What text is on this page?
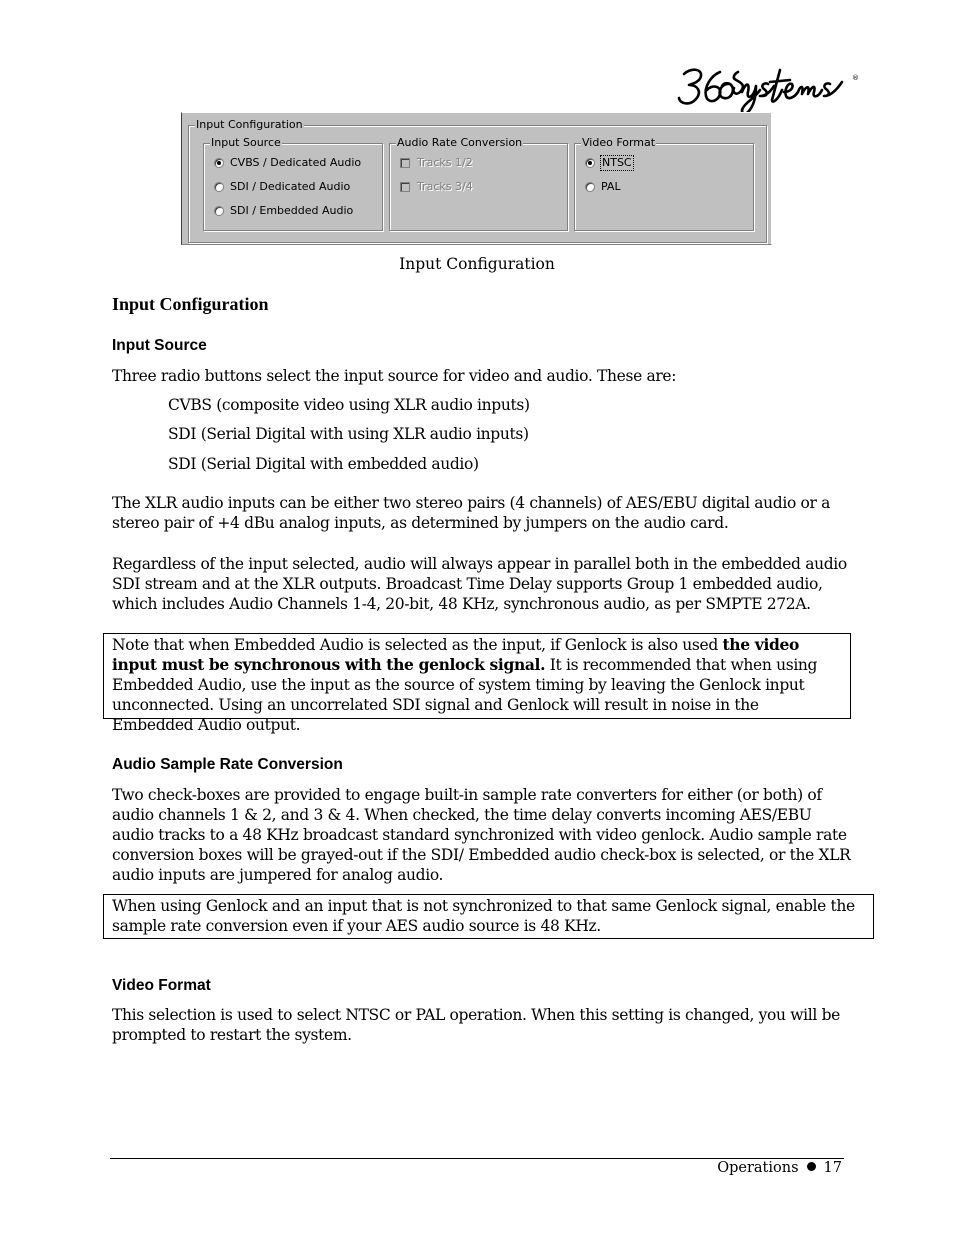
®
Input Configuration
Input Source
CVBS / Dedicated Audio
SDI / Dedicated Audio
SDI / Embedded Audio
Audio Rate Conversion
Tracks 1/2
Tracks 3/4
Video Format
NTSC
PAL
Input Configuration
Input Configuration
Input Source

Three radio buttons select the input source for video and audio. These are:

CVBS (composite video using XLR audio inputs)

SDI (Serial Digital with using XLR audio inputs)

SDI (Serial Digital with embedded audio)

The XLR audio inputs can be either two stereo pairs (4 channels) of AES/EBU digital audio or a stereo pair of +4 dBu analog inputs, as determined by jumpers on the audio card.

Regardless of the input selected, audio will always appear in parallel both in the embedded audio SDI stream and at the XLR outputs. Broadcast Time Delay supports Group 1 embedded audio, which includes Audio Channels 1-4, 20-bit, 48 KHz, synchronous audio, as per SMPTE 272A.

Note that when Embedded Audio is selected as the input, if Genlock is also used the video input must be synchronous with the genlock signal. It is recommended that when using Embedded Audio, use the input as the source of system timing by leaving the Genlock input unconnected. Using an uncorrelated SDI signal and Genlock will result in noise in the Embedded Audio output.
Audio Sample Rate Conversion

Two check-boxes are provided to engage built-in sample rate converters for either (or both) of audio channels 1 & 2, and 3 & 4. When checked, the time delay converts incoming AES/EBU audio tracks to a 48 KHz broadcast standard synchronized with video genlock. Audio sample rate conversion boxes will be grayed-out if the SDI/ Embedded audio check-box is selected, or the XLR audio inputs are jumpered for analog audio.

When using Genlock and an input that is not synchronized to that same Genlock signal, enable the sample rate conversion even if your AES audio source is 48 KHz.
Video Format

This selection is used to select NTSC or PAL operation. When this setting is changed, you will be prompted to restart the system.

Operations 17
